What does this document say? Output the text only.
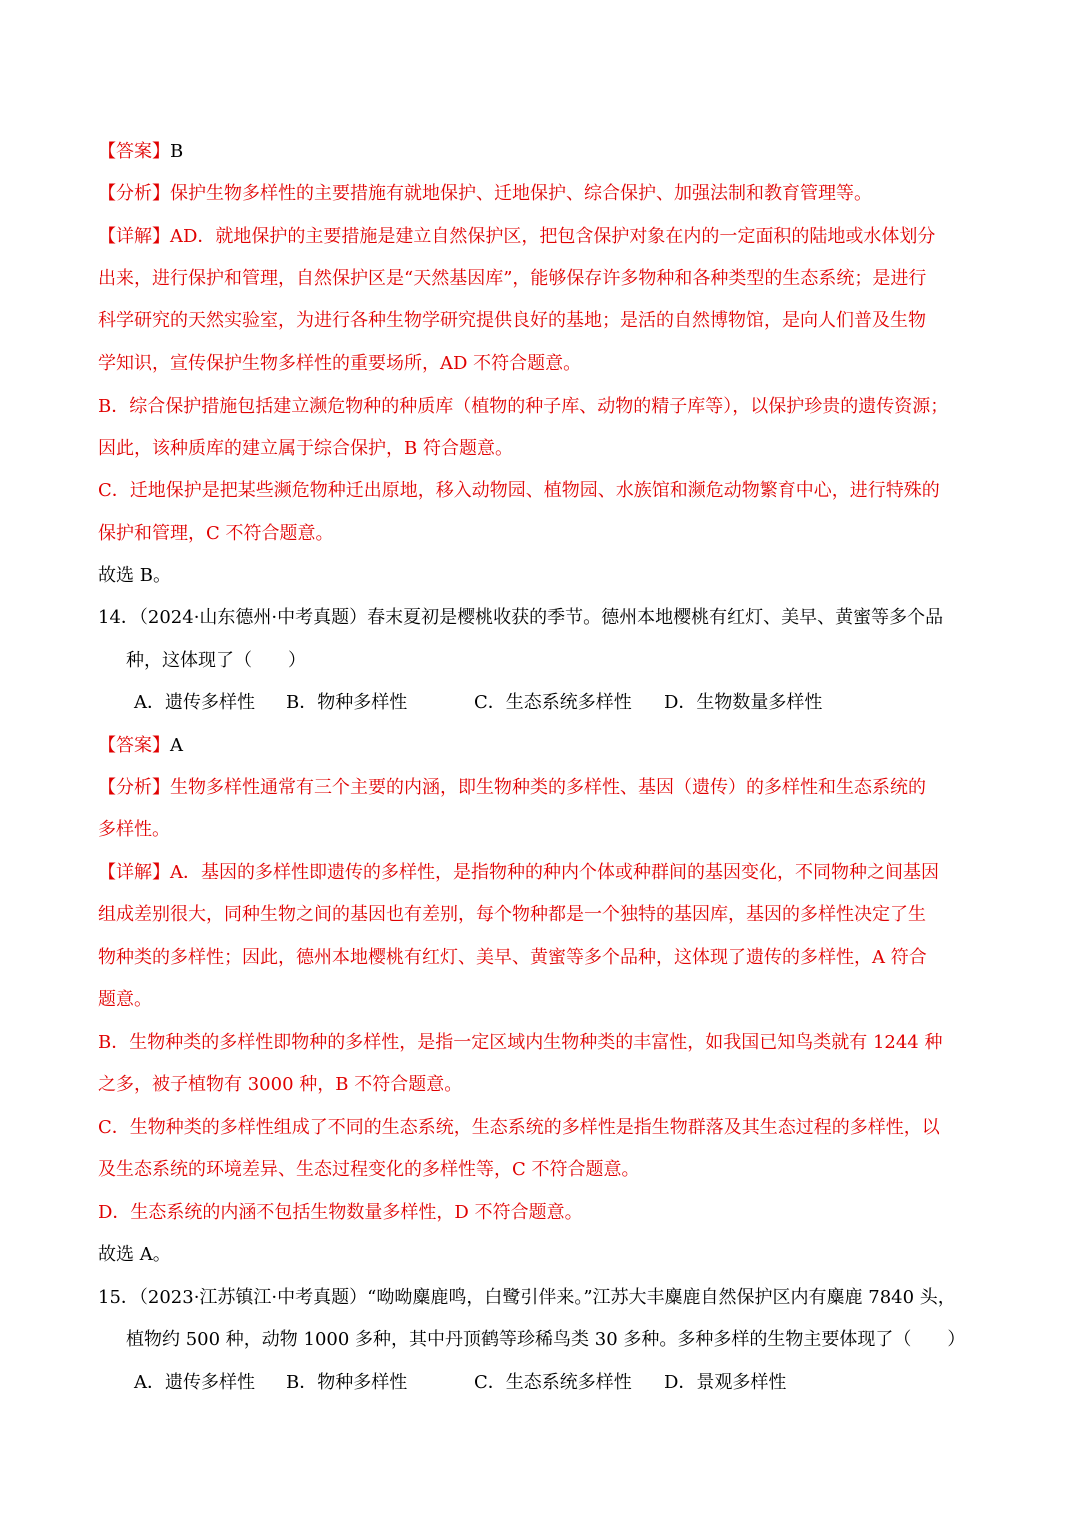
【答案】B
【分析】保护生物多样性的主要措施有就地保护、迁地保护、综合保护、加强法制和教育管理等。
【详解】AD．就地保护的主要措施是建立自然保护区，把包含保护对象在内的一定面积的陆地或水体划分
出来，进行保护和管理，自然保护区是“天然基因库”，能够保存许多物种和各种类型的生态系统；是进行
科学研究的天然实验室，为进行各种生物学研究提供良好的基地；是活的自然博物馆，是向人们普及生物
学知识，宣传保护生物多样性的重要场所，AD 不符合题意。
B．综合保护措施包括建立濒危物种的种质库（植物的种子库、动物的精子库等），以保护珍贵的遗传资源；
因此，该种质库的建立属于综合保护，B 符合题意。
C．迁地保护是把某些濒危物种迁出原地，移入动物园、植物园、水族馆和濒危动物繁育中心，进行特殊的
保护和管理，C 不符合题意。
故选 B。
14．（2024·山东德州·中考真题）春末夏初是樱桃收获的季节。德州本地樱桃有红灯、美早、黄蜜等多个品
种，这体现了（　　）
A．遗传多样性 B．物种多样性	C．生态系统多样性 D．生物数量多样性
【答案】A
【分析】生物多样性通常有三个主要的内涵，即生物种类的多样性、基因（遗传）的多样性和生态系统的
多样性。
【详解】A．基因的多样性即遗传的多样性，是指物种的种内个体或种群间的基因变化，不同物种之间基因
组成差别很大，同种生物之间的基因也有差别，每个物种都是一个独特的基因库，基因的多样性决定了生
物种类的多样性；因此，德州本地樱桃有红灯、美早、黄蜜等多个品种，这体现了遗传的多样性，A 符合
题意。
B．生物种类的多样性即物种的多样性，是指一定区域内生物种类的丰富性，如我国已知鸟类就有 1244 种
之多，被子植物有 3000 种，B 不符合题意。
C．生物种类的多样性组成了不同的生态系统，生态系统的多样性是指生物群落及其生态过程的多样性，以
及生态系统的环境差异、生态过程变化的多样性等，C 不符合题意。
D．生态系统的内涵不包括生物数量多样性，D 不符合题意。
故选 A。
15．（2023·江苏镇江·中考真题）“呦呦麋鹿鸣，白鹭引伴来。”江苏大丰麋鹿自然保护区内有麋鹿 7840 头，
植物约 500 种，动物 1000 多种，其中丹顶鹤等珍稀鸟类 30 多种。多种多样的生物主要体现了（　　）
A．遗传多样性 B．物种多样性	C．生态系统多样性 D．景观多样性
